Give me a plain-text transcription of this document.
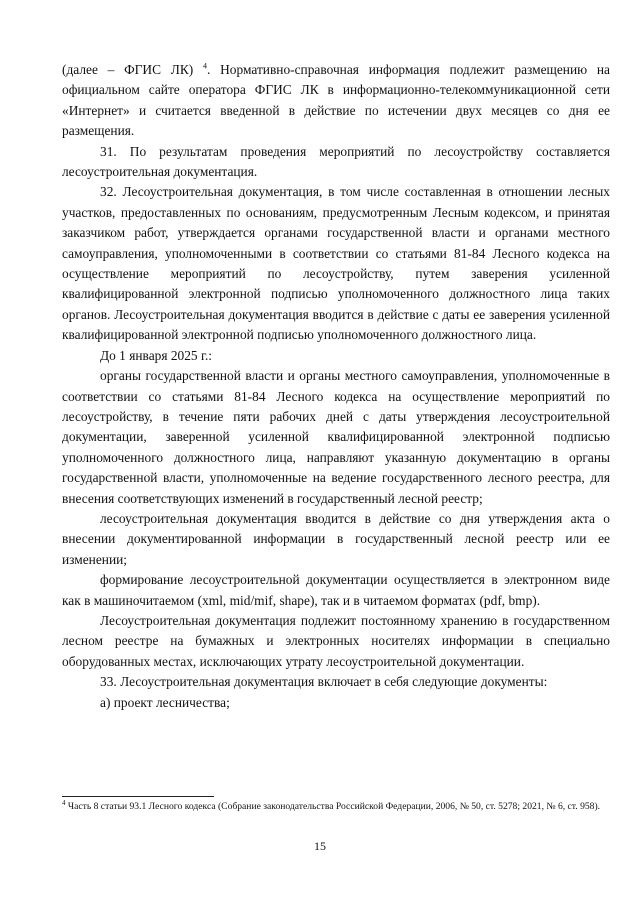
(далее – ФГИС ЛК) $^4$. Нормативно-справочная информация подлежит размещению на официальном сайте оператора ФГИС ЛК в информационно-телекоммуникационной сети «Интернет» и считается введенной в действие по истечении двух месяцев со дня ее размещения.

31. По результатам проведения мероприятий по лесоустройству составляется лесоустроительная документация.

32. Лесоустроительная документация, в том числе составленная в отношении лесных участков, предоставленных по основаниям, предусмотренным Лесным кодексом, и принятая заказчиком работ, утверждается органами государственной власти и органами местного самоуправления, уполномоченными в соответствии со статьями 81-84 Лесного кодекса на осуществление мероприятий по лесоустройству, путем заверения усиленной квалифицированной электронной подписью уполномоченного должностного лица таких органов. Лесоустроительная документация вводится в действие с даты ее заверения усиленной квалифицированной электронной подписью уполномоченного должностного лица.

До 1 января 2025 г.:

органы государственной власти и органы местного самоуправления, уполномоченные в соответствии со статьями 81-84 Лесного кодекса на осуществление мероприятий по лесоустройству, в течение пяти рабочих дней с даты утверждения лесоустроительной документации, заверенной усиленной квалифицированной электронной подписью уполномоченного должностного лица, направляют указанную документацию в органы государственной власти, уполномоченные на ведение государственного лесного реестра, для внесения соответствующих изменений в государственный лесной реестр;

лесоустроительная документация вводится в действие со дня утверждения акта о внесении документированной информации в государственный лесной реестр или ее изменении;

формирование лесоустроительной документации осуществляется в электронном виде как в машиночитаемом (xml, mid/mif, shape), так и в читаемом форматах (pdf, bmp).

Лесоустроительная документация подлежит постоянному хранению в государственном лесном реестре на бумажных и электронных носителях информации в специально оборудованных местах, исключающих утрату лесоустроительной документации.

33. Лесоустроительная документация включает в себя следующие документы:

а) проект лесничества;

$^4$ Часть 8 статьи 93.1 Лесного кодекса (Собрание законодательства Российской Федерации, 2006, № 50, ст. 5278; 2021, № 6, ст. 958).
15
